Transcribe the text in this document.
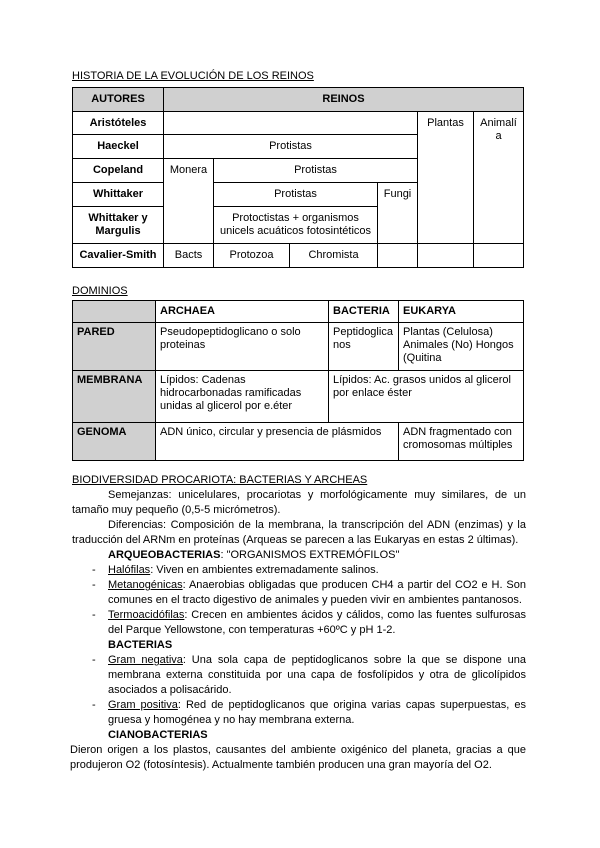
HISTORIA DE LA EVOLUCIÓN DE LOS REINOS
AUTORES	REINOS					
Aristóteles					Plantas	Animalía
Haeckel	Protistas					
Copeland	Monera	Protistas				
Whittaker		Protistas		Fungi		
Whittaker y Margulis		Protoctistas + organismos unicels acuáticos fotosintéticos				
Cavalier-Smith	Bacts	Protozoa	Chromista			
DOMINIOS
	ARCHAEA	BACTERIA	EUKARYA
PARED	Pseudopeptidoglicano o solo proteinas	Peptidoglicanos	Plantas (Celulosa) Animales (No) Hongos (Quitina
MEMBRANA	Lípidos: Cadenas hidrocarbonadas ramificadas unidas al glicerol por e.éter	Lípidos: Ac. grasos unidos al glicerol por enlace éster	
GENOMA	ADN único, circular y presencia de plásmidos		ADN fragmentado con cromosomas múltiples
BIODIVERSIDAD PROCARIOTA: BACTERIAS Y ARCHEAS

Semejanzas: unicelulares, procariotas y morfológicamente muy similares, de un tamaño muy pequeño (0,5-5 micrómetros).

Diferencias: Composición de la membrana, la transcripción del ADN (enzimas) y la traducción del ARNm en proteínas (Arqueas se parecen a las Eukaryas en estas 2 últimas).

ARQUEOBACTERIAS: "ORGANISMOS EXTREMÓFILOS"

- Halófilas: Viven en ambientes extremadamente salinos.

- Metanogénicas: Anaerobias obligadas que producen CH4 a partir del CO2 e H. Son comunes en el tracto digestivo de animales y pueden vivir en ambientes pantanosos.

- Termoacidófilas: Crecen en ambientes ácidos y cálidos, como las fuentes sulfurosas del Parque Yellowstone, con temperaturas +60ºC y pH 1-2.

BACTERIAS

- Gram negativa: Una sola capa de peptidoglicanos sobre la que se dispone una membrana externa constituida por una capa de fosfolípidos y otra de glicolípidos asociados a polisacárido.

- Gram positiva: Red de peptidoglicanos que origina varias capas superpuestas, es gruesa y homogénea y no hay membrana externa.

CIANOBACTERIAS

Dieron origen a los plastos, causantes del ambiente oxigénico del planeta, gracias a que produjeron O2 (fotosíntesis). Actualmente también producen una gran mayoría del O2.
